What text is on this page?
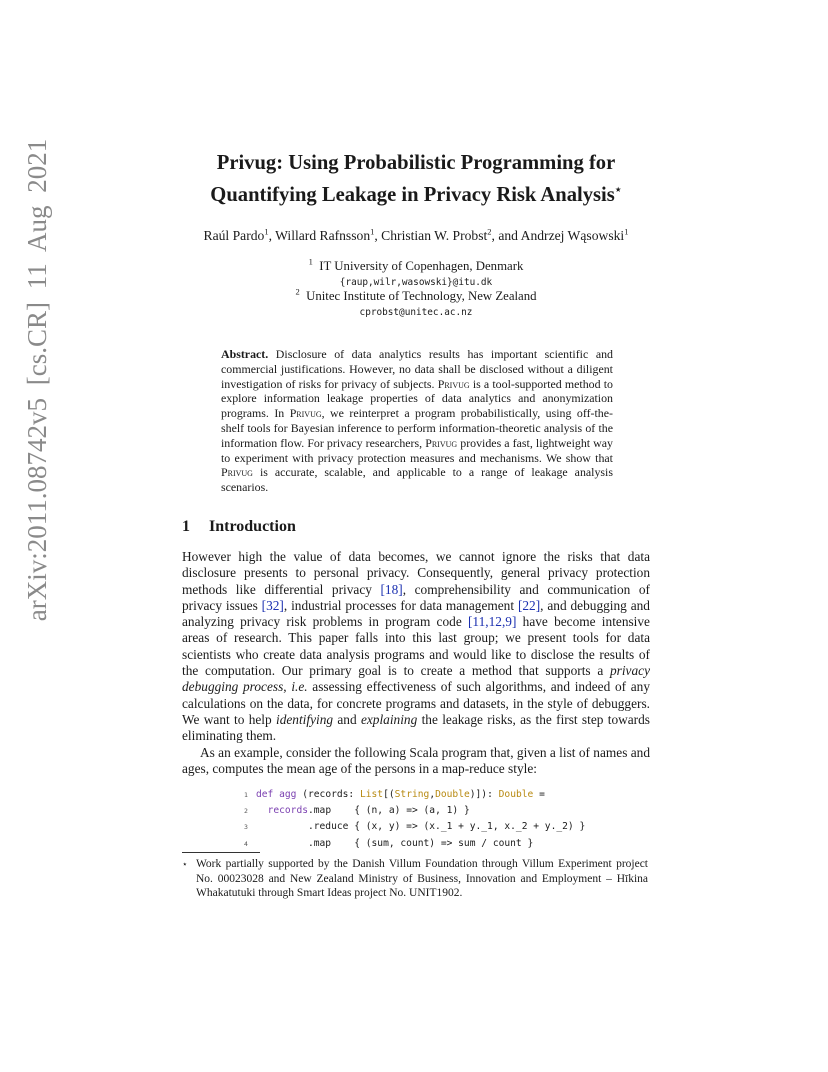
arXiv:2011.08742v5 [cs.CR] 11 Aug 2021	Privug: Using Probabilistic Programming for
Quantifying Leakage in Privacy Risk Analysis⋆
Raúl Pardo$^1$, Willard Rafnsson$^1$, Christian W. Probst$^2$, and Andrzej Wąsowski$^1$
$^1$ IT University of Copenhagen, Denmark
{raup,wilr,wasowski}@itu.dk
$^2$ Unitec Institute of Technology, New Zealand
cprobst@unitec.ac.nz
Abstract. Disclosure of data analytics results has important scientific and commercial justifications. However, no data shall be disclosed without a diligent investigation of risks for privacy of subjects. Privug is a tool-supported method to explore information leakage properties of data analytics and anonymization programs. In Privug, we reinterpret a program probabilistically, using off-the-shelf tools for Bayesian inference to perform information-theoretic analysis of the information flow. For privacy researchers, Privug provides a fast, lightweight way to experiment with privacy protection measures and mechanisms. We show that Privug is accurate, scalable, and applicable to a range of leakage analysis scenarios.
1 Introduction

However high the value of data becomes, we cannot ignore the risks that data disclosure presents to personal privacy. Consequently, general privacy protection methods like differential privacy [18], comprehensibility and communication of privacy issues [32], industrial processes for data management [22], and debugging and analyzing privacy risk problems in program code [11,12,9] have become intensive areas of research. This paper falls into this last group; we present tools for data scientists who create data analysis programs and would like to disclose the results of the computation. Our primary goal is to create a method that supports a privacy debugging process, i.e. assessing effectiveness of such algorithms, and indeed of any calculations on the data, for concrete programs and datasets, in the style of debuggers. We want to help identifying and explaining the leakage risks, as the first step towards eliminating them.

As an example, consider the following Scala program that, given a list of names and ages, computes the mean age of the persons in a map-reduce style:

1 def agg (records: List[(String,Double)]): Double =
2 records.map    { (n, a) => (a, 1) }
3	.reduce { (x, y) => (x._1 + y._1, x._2 + y._2) }
4	.map    { (sum, count) => sum / count }
⋆ Work partially supported by the Danish Villum Foundation through Villum Experiment project No. 00023028 and New Zealand Ministry of Business, Innovation and Employment – Hīkina Whakatutuki through Smart Ideas project No. UNIT1902.
